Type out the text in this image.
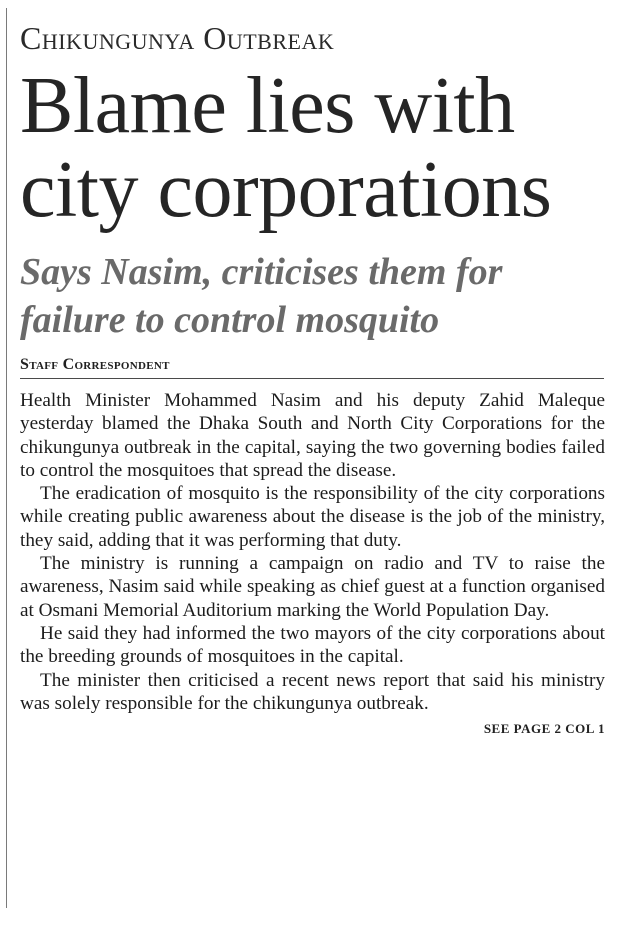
Chikungunya Outbreak
Blame lies with
city corporations
Says Nasim, criticises them for
failure to control mosquito
Staff Correspondent

Health Minister Mohammed Nasim and his deputy Zahid Maleque yesterday blamed the Dhaka South and North City Corporations for the chikungunya outbreak in the capital, saying the two governing bodies failed to control the mosquitoes that spread the disease.

The eradication of mosquito is the responsibility of the city corporations while creating public awareness about the disease is the job of the ministry, they said, adding that it was performing that duty.

The ministry is running a campaign on radio and TV to raise the awareness, Nasim said while speaking as chief guest at a function organised at Osmani Memorial Auditorium marking the World Population Day.

He said they had informed the two mayors of the city corporations about the breeding grounds of mosquitoes in the capital.

The minister then criticised a recent news report that said his ministry was solely responsible for the chikungunya outbreak.

SEE PAGE 2 COL 1
